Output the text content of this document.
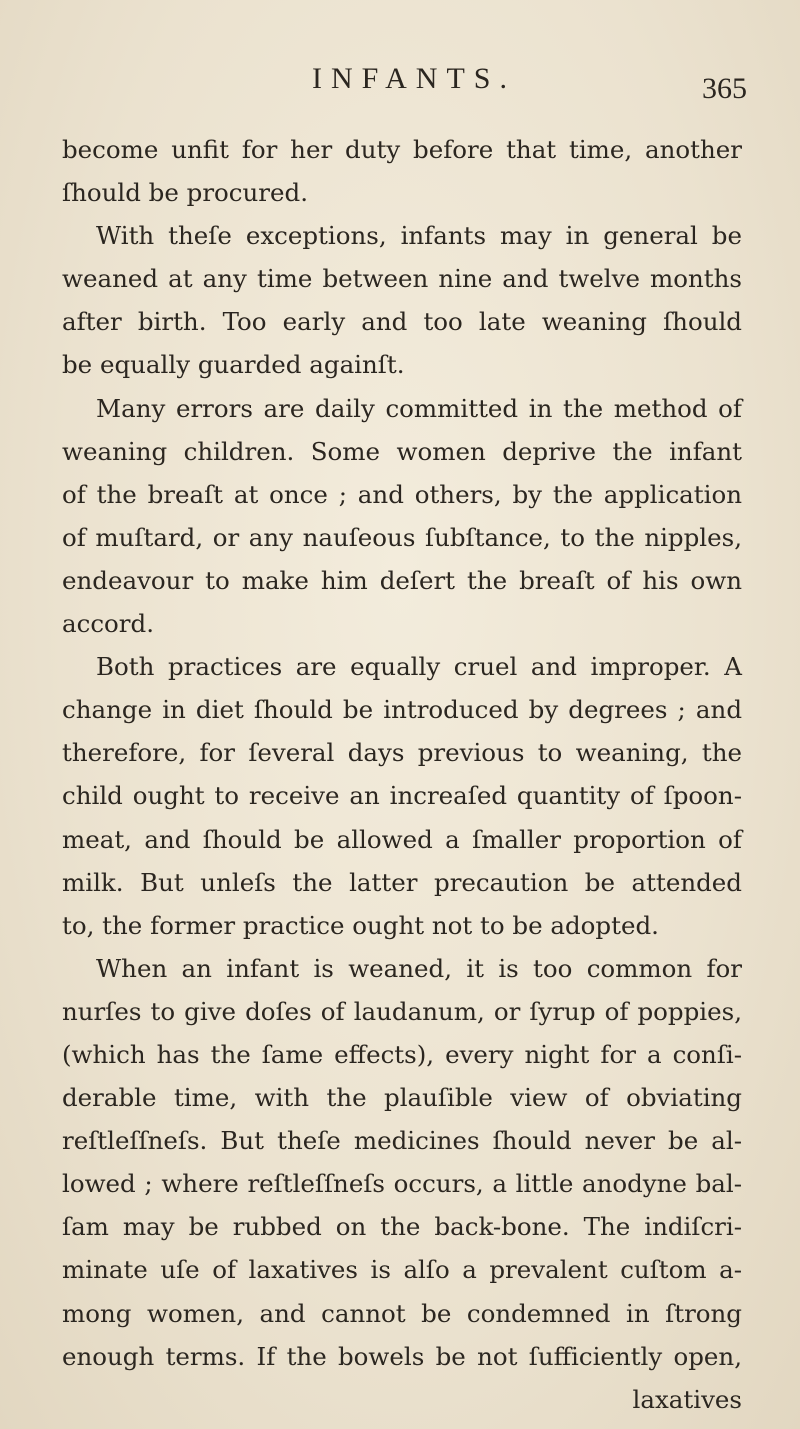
INFANTS.	365
become unfit for her duty before that time, another
ſhould be procured.
With theſe exceptions, infants may in general be
weaned at any time between nine and twelve months
after birth. Too early and too late weaning ſhould
be equally guarded againſt.
Many errors are daily committed in the method of
weaning children. Some women deprive the infant
of the breaſt at once ; and others, by the application
of muſtard, or any nauſeous ſubſtance, to the nipples,
endeavour to make him deſert the breaſt of his own
accord.
Both practices are equally cruel and improper. A
change in diet ſhould be introduced by degrees ; and
therefore, for ſeveral days previous to weaning, the
child ought to receive an increaſed quantity of ſpoon-
meat, and ſhould be allowed a ſmaller proportion of
milk. But unleſs the latter precaution be attended
to, the former practice ought not to be adopted.
When an infant is weaned, it is too common for
nurſes to give doſes of laudanum, or ſyrup of poppies,
(which has the ſame effects), every night for a conſi-
derable time, with the plauſible view of obviating
reſtleſſneſs. But theſe medicines ſhould never be al-
lowed ; where reſtleſſneſs occurs, a little anodyne bal-
ſam may be rubbed on the back-bone. The indiſcri-
minate uſe of laxatives is alſo a prevalent cuſtom a-
mong women, and cannot be condemned in ſtrong
enough terms. If the bowels be not ſufficiently open,
laxatives
